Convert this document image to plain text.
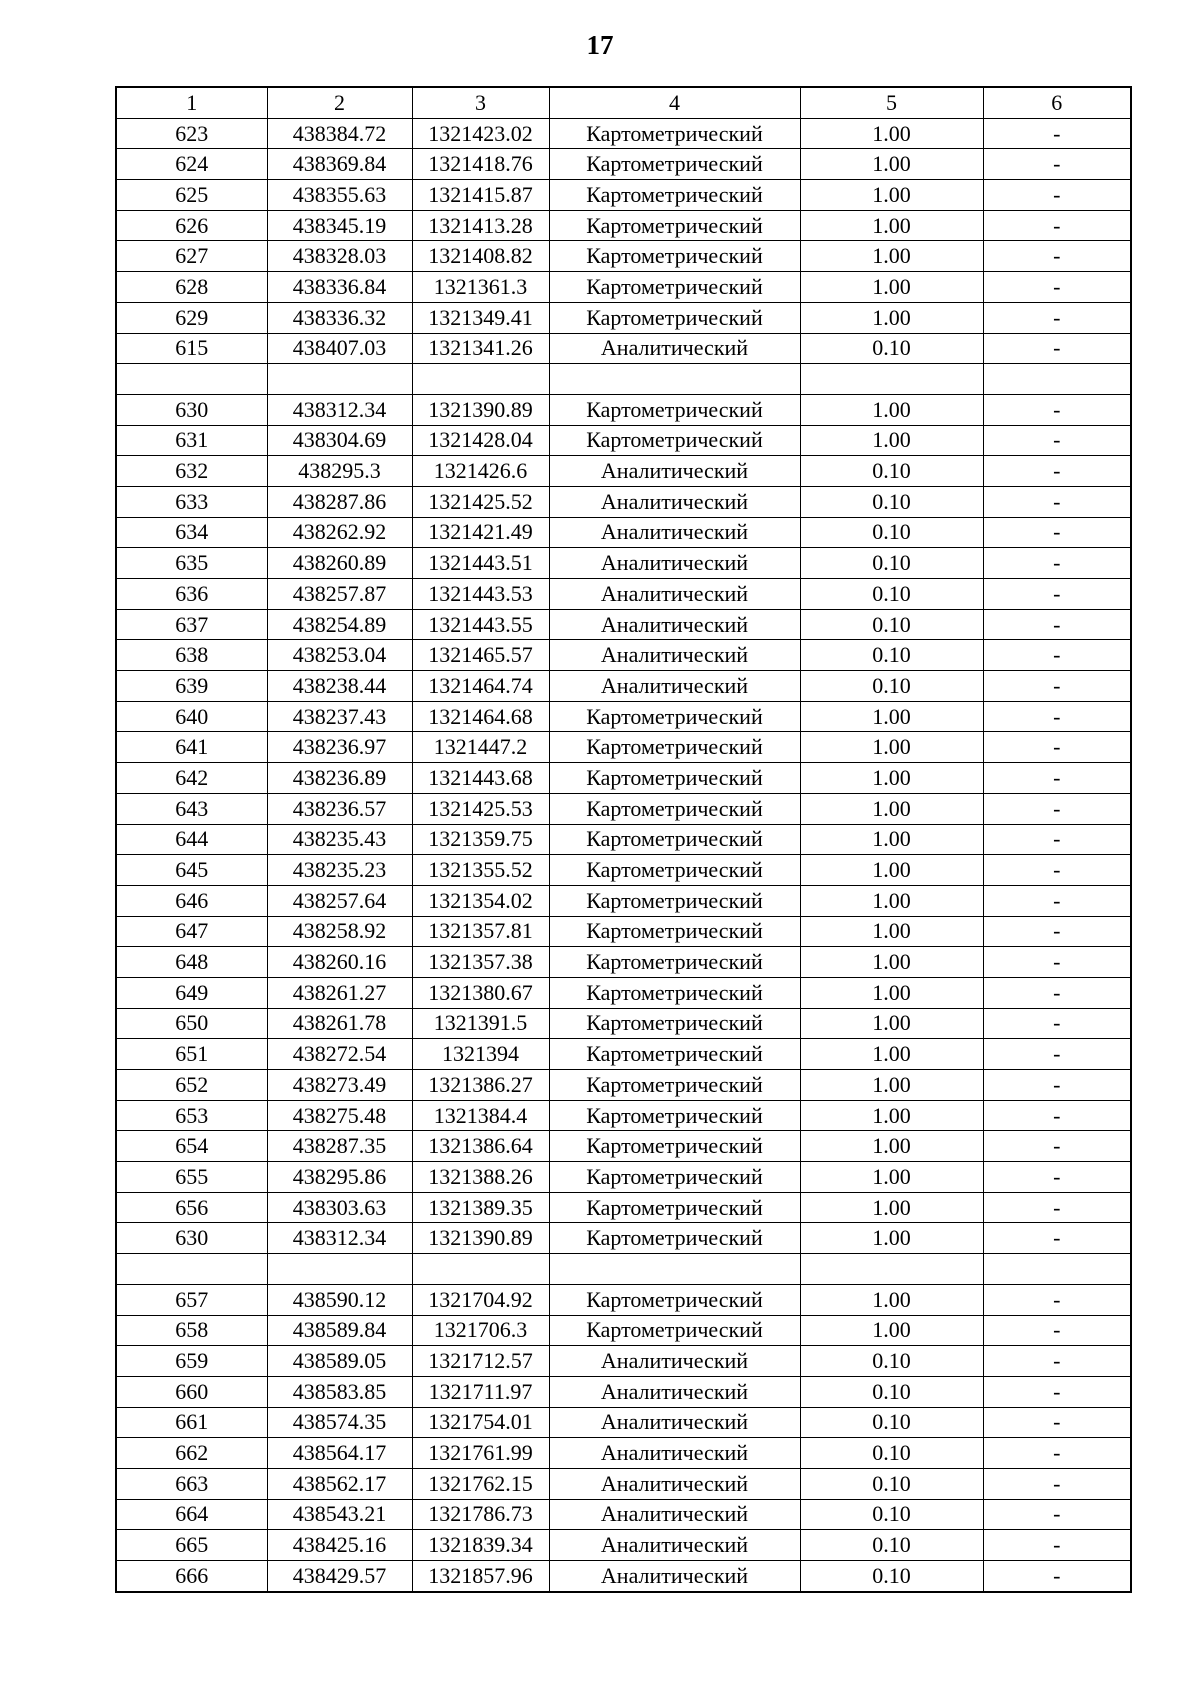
17
1	2	3	4	5	6
623	438384.72	1321423.02	Картометрический	1.00	-
624	438369.84	1321418.76	Картометрический	1.00	-
625	438355.63	1321415.87	Картометрический	1.00	-
626	438345.19	1321413.28	Картометрический	1.00	-
627	438328.03	1321408.82	Картометрический	1.00	-
628	438336.84	1321361.3	Картометрический	1.00	-
629	438336.32	1321349.41	Картометрический	1.00	-
615	438407.03	1321341.26	Аналитический	0.10	-

630	438312.34	1321390.89	Картометрический	1.00	-
631	438304.69	1321428.04	Картометрический	1.00	-
632	438295.3	1321426.6	Аналитический	0.10	-
633	438287.86	1321425.52	Аналитический	0.10	-
634	438262.92	1321421.49	Аналитический	0.10	-
635	438260.89	1321443.51	Аналитический	0.10	-
636	438257.87	1321443.53	Аналитический	0.10	-
637	438254.89	1321443.55	Аналитический	0.10	-
638	438253.04	1321465.57	Аналитический	0.10	-
639	438238.44	1321464.74	Аналитический	0.10	-
640	438237.43	1321464.68	Картометрический	1.00	-
641	438236.97	1321447.2	Картометрический	1.00	-
642	438236.89	1321443.68	Картометрический	1.00	-
643	438236.57	1321425.53	Картометрический	1.00	-
644	438235.43	1321359.75	Картометрический	1.00	-
645	438235.23	1321355.52	Картометрический	1.00	-
646	438257.64	1321354.02	Картометрический	1.00	-
647	438258.92	1321357.81	Картометрический	1.00	-
648	438260.16	1321357.38	Картометрический	1.00	-
649	438261.27	1321380.67	Картометрический	1.00	-
650	438261.78	1321391.5	Картометрический	1.00	-
651	438272.54	1321394	Картометрический	1.00	-
652	438273.49	1321386.27	Картометрический	1.00	-
653	438275.48	1321384.4	Картометрический	1.00	-
654	438287.35	1321386.64	Картометрический	1.00	-
655	438295.86	1321388.26	Картометрический	1.00	-
656	438303.63	1321389.35	Картометрический	1.00	-
630	438312.34	1321390.89	Картометрический	1.00	-

657	438590.12	1321704.92	Картометрический	1.00	-
658	438589.84	1321706.3	Картометрический	1.00	-
659	438589.05	1321712.57	Аналитический	0.10	-
660	438583.85	1321711.97	Аналитический	0.10	-
661	438574.35	1321754.01	Аналитический	0.10	-
662	438564.17	1321761.99	Аналитический	0.10	-
663	438562.17	1321762.15	Аналитический	0.10	-
664	438543.21	1321786.73	Аналитический	0.10	-
665	438425.16	1321839.34	Аналитический	0.10	-
666	438429.57	1321857.96	Аналитический	0.10	-
